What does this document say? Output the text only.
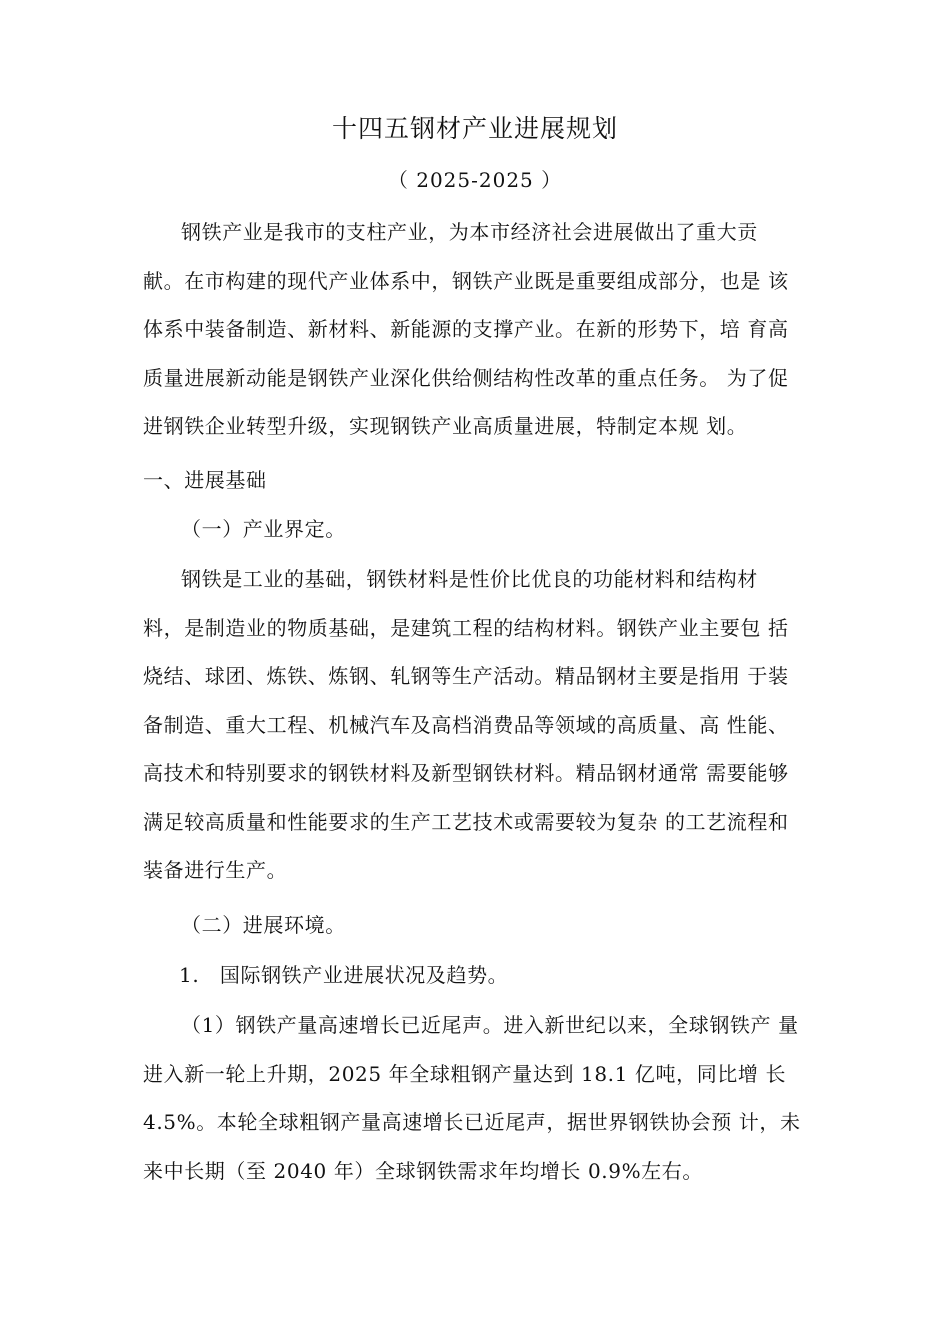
十四五钢材产业进展规划
（ 2025-2025 ）
钢铁产业是我市的支柱产业，为本市经济社会进展做出了重大贡
献。在市构建的现代产业体系中，钢铁产业既是重要组成部分，也是 该
体系中装备制造、新材料、新能源的支撑产业。在新的形势下，培 育高
质量进展新动能是钢铁产业深化供给侧结构性改革的重点任务。 为了促
进钢铁企业转型升级，实现钢铁产业高质量进展，特制定本规 划。
一、进展基础
（一）产业界定。
钢铁是工业的基础，钢铁材料是性价比优良的功能材料和结构材
料，是制造业的物质基础，是建筑工程的结构材料。钢铁产业主要包 括
烧结、球团、炼铁、炼钢、轧钢等生产活动。精品钢材主要是指用 于装
备制造、重大工程、机械汽车及高档消费品等领域的高质量、高 性能、
高技术和特别要求的钢铁材料及新型钢铁材料。精品钢材通常 需要能够
满足较高质量和性能要求的生产工艺技术或需要较为复杂 的工艺流程和
装备进行生产。
（二）进展环境。
1.　国际钢铁产业进展状况及趋势。
（1）钢铁产量高速增长已近尾声。进入新世纪以来，全球钢铁产 量
进入新一轮上升期，2025 年全球粗钢产量达到 18.1 亿吨，同比增 长
4.5%。本轮全球粗钢产量高速增长已近尾声，据世界钢铁协会预 计，未
来中长期（至 2040 年）全球钢铁需求年均增长 0.9%左右。
